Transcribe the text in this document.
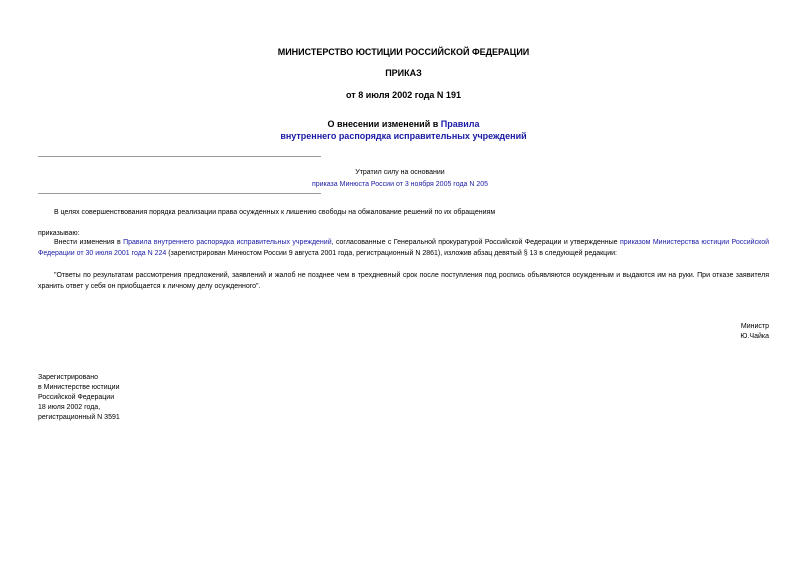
МИНИСТЕРСТВО ЮСТИЦИИ РОССИЙСКОЙ ФЕДЕРАЦИИ
ПРИКАЗ
от 8 июля 2002 года N 191
О внесении изменений в Правила
внутреннего распорядка исправительных учреждений
Утратил силу на основании
приказа Минюста России от 3 ноября 2005 года N 205
В целях совершенствования порядка реализации права осужденных к лишению свободы на обжалование решений по их обращениям
приказываю:
Внести изменения в Правила внутреннего распорядка исправительных учреждений, согласованные с Генеральной прокуратурой Российской Федерации и утвержденные приказом Министерства юстиции Российской Федерации от 30 июля 2001 года N 224 (зарегистрирован Минюстом России 9 августа 2001 года, регистрационный N 2861), изложив абзац девятый § 13 в следующей редакции:
"Ответы по результатам рассмотрения предложений, заявлений и жалоб не позднее чем в трехдневный срок после поступления под роспись объявляются осужденным и выдаются им на руки. При отказе заявителя хранить ответ у себя он приобщается к личному делу осужденного".
Министр
Ю.Чайка
Зарегистрировано
в Министерстве юстиции
Российской Федерации
18 июля 2002 года,
регистрационный N 3591
